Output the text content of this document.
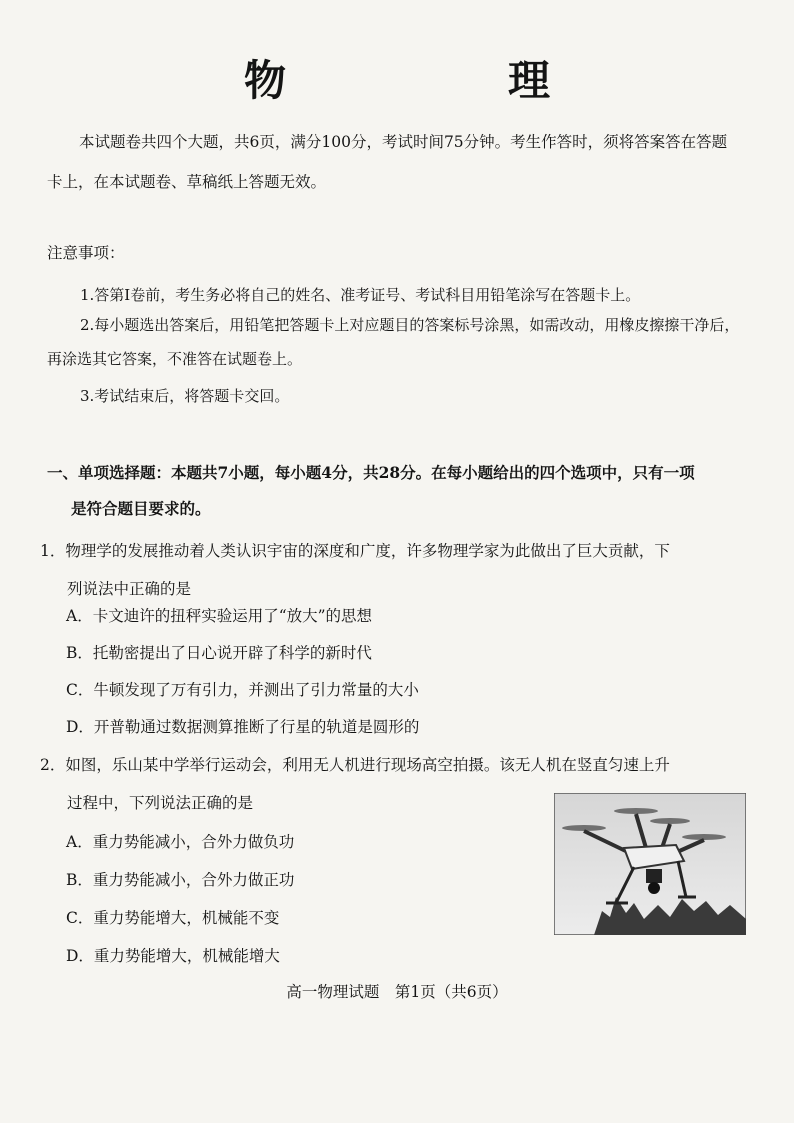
物　理

本试题卷共四个大题，共6页，满分100分，考试时间75分钟。考生作答时，须将答案答在答题卡上，在本试题卷、草稿纸上答题无效。

注意事项：

1.答第Ⅰ卷前，考生务必将自己的姓名、准考证号、考试科目用铅笔涂写在答题卡上。

2.每小题选出答案后，用铅笔把答题卡上对应题目的答案标号涂黑，如需改动，用橡皮擦擦干净后，再涂选其它答案，不准答在试题卷上。

3.考试结束后，将答题卡交回。

一、单项选择题：本题共7小题，每小题4分，共28分。在每小题给出的四个选项中，只有一项
是符合题目要求的。

1．物理学的发展推动着人类认识宇宙的深度和广度，许多物理学家为此做出了巨大贡献，下
列说法中正确的是

A．卡文迪许的扭秤实验运用了“放大”的思想
B．托勒密提出了日心说开辟了科学的新时代
C．牛顿发现了万有引力，并测出了引力常量的大小
D．开普勒通过数据测算推断了行星的轨道是圆形的

2．如图，乐山某中学举行运动会，利用无人机进行现场高空拍摄。该无人机在竖直匀速上升
过程中，下列说法正确的是

A．重力势能减小，合外力做负功
B．重力势能减小，合外力做正功
C．重力势能增大，机械能不变
D．重力势能增大，机械能增大
高一物理试题　第1页（共6页）
